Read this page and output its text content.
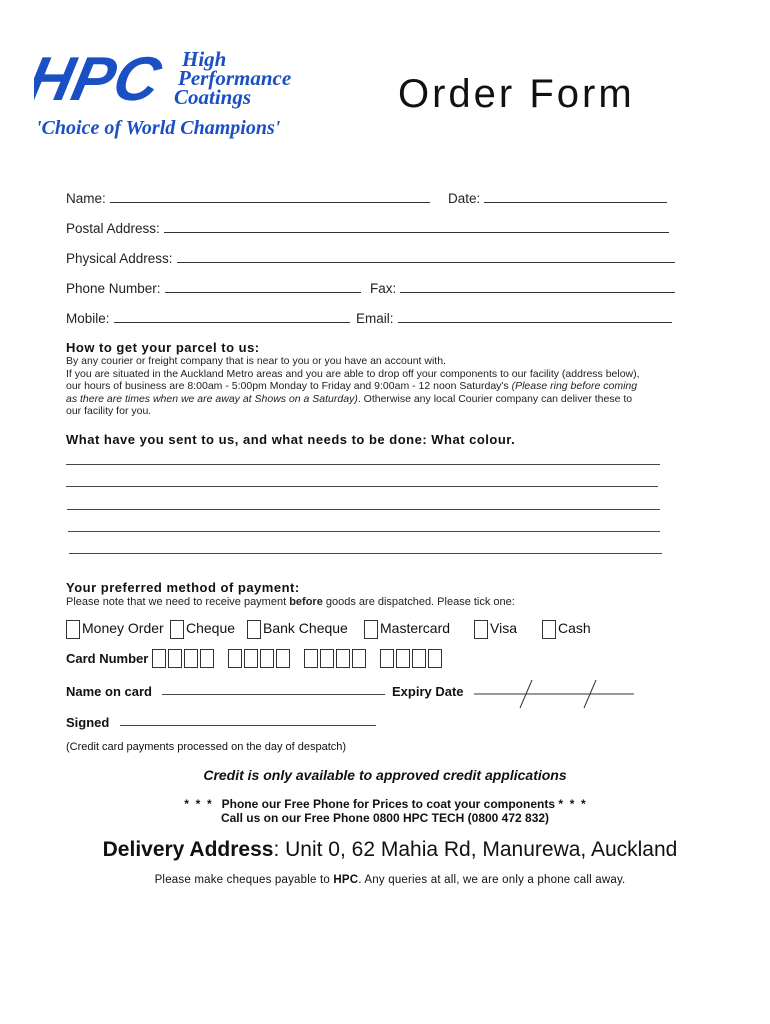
HPC High
Performance
Coatings
'Choice of World Champions'
Order Form
Name:	Date:
Postal Address:
Physical Address:
Phone Number:	Fax:
Mobile:	Email:
How to get your parcel to us:
By any courier or freight company that is near to you or you have an account with.
If you are situated in the Auckland Metro areas and you are able to drop off your components to our facility (address below),
our hours of business are 8:00am - 5:00pm Monday to Friday and 9:00am - 12 noon Saturday's (Please ring before coming
as there are times when we are away at Shows on a Saturday). Otherwise any local Courier company can deliver these to
our facility for you.
What have you sent to us, and what needs to be done: What colour.
Your preferred method of payment:
Please note that we need to receive payment before goods are dispatched. Please tick one:
Money Order	Cheque	Bank Cheque	Mastercard	Visa	Cash
Card Number
Name on card	Expiry Date
Signed
(Credit card payments processed on the day of despatch)
Credit is only available to approved credit applications
*  *  *   Phone our Free Phone for Prices to coat your components *  *  *
Call us on our Free Phone 0800 HPC TECH (0800 472 832)
Delivery Address: Unit 0, 62 Mahia Rd, Manurewa, Auckland
Please make cheques payable to HPC. Any queries at all, we are only a phone call away.
